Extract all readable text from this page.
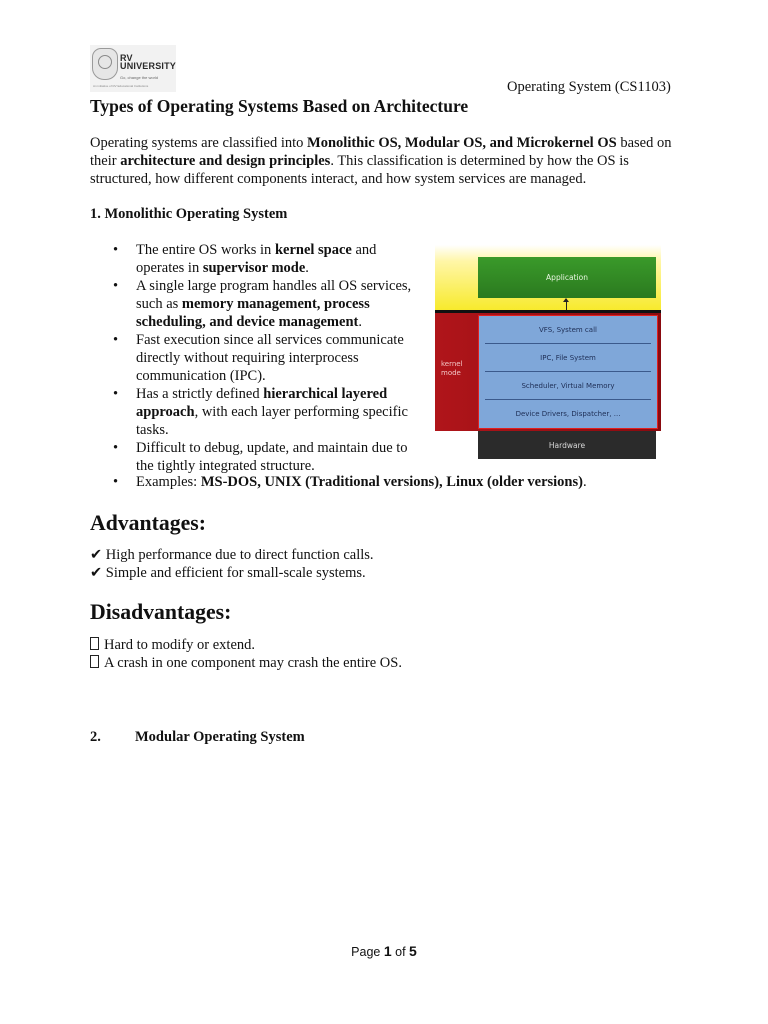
RV
UNIVERSITY
Go, change the world
An initiative of RV Educational Institutions	Operating System (CS1103)
Types of Operating Systems Based on Architecture

Operating systems are classified into Monolithic OS, Modular OS, and Microkernel OS based on their architecture and design principles. This classification is determined by how the OS is structured, how different components interact, and how system services are managed.

1. Monolithic Operating System
• The entire OS works in kernel space and operates in supervisor mode.
• A single large program handles all OS services, such as memory management, process scheduling, and device management.
• Fast execution since all services communicate directly without requiring interprocess communication (IPC).
• Has a strictly defined hierarchical layered approach, with each layer performing specific tasks.
• Difficult to debug, update, and maintain due to the tightly integrated structure.
• Examples: MS-DOS, UNIX (Traditional versions), Linux (older versions).
Application
kernel mode
VFS, System call
IPC, File System
Scheduler, Virtual Memory
Device Drivers, Dispatcher, ...
Hardware
Advantages:
✔ High performance due to direct function calls.
✔ Simple and efficient for small-scale systems.
Disadvantages:
Hard to modify or extend.
A crash in one component may crash the entire OS.
2. Modular Operating System
Page 1 of 5
